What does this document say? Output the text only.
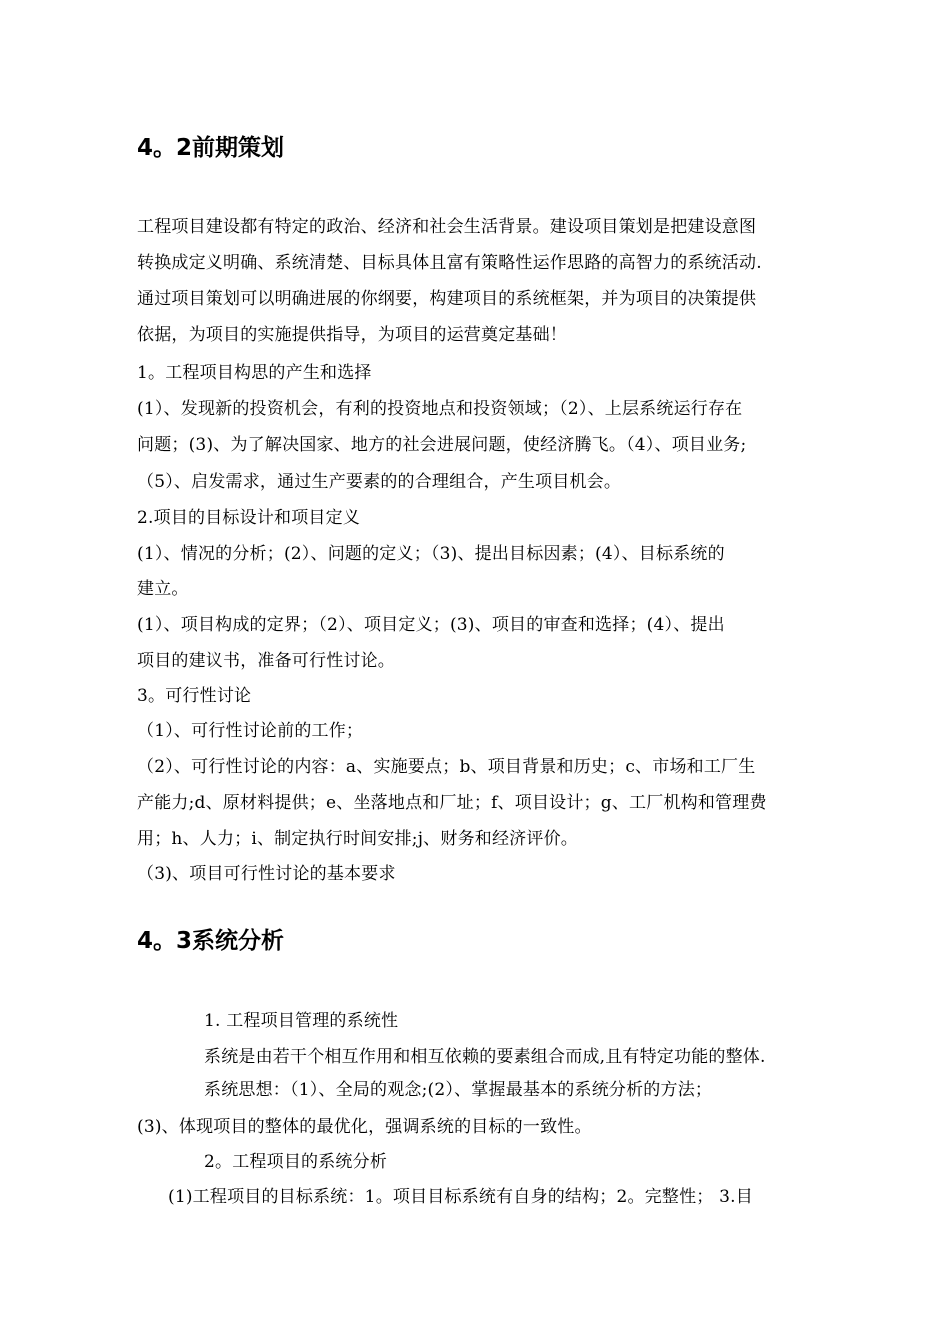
4。2前期策划
工程项目建设都有特定的政治、经济和社会生活背景。建设项目策划是把建设意图
转换成定义明确、系统清楚、目标具体且富有策略性运作思路的高智力的系统活动.
通过项目策划可以明确进展的你纲要，构建项目的系统框架，并为项目的决策提供
依据，为项目的实施提供指导，为项目的运营奠定基础！
1。工程项目构思的产生和选择
(1）、发现新的投资机会，有利的投资地点和投资领域；（2）、上层系统运行存在
问题；(3)、为了解决国家、地方的社会进展问题，使经济腾飞。（4）、项目业务;
（5）、启发需求，通过生产要素的的合理组合，产生项目机会。
2.项目的目标设计和项目定义
(1）、情况的分析；(2）、问题的定义；（3)、提出目标因素；(4）、目标系统的
建立。
(1）、项目构成的定界；（2）、项目定义；(3)、项目的审查和选择；(4）、提出
项目的建议书，准备可行性讨论。
3。可行性讨论
（1）、可行性讨论前的工作；
（2）、可行性讨论的内容：a、实施要点；b、项目背景和历史；c、市场和工厂生
产能力;d、原材料提供；e、坐落地点和厂址；f、项目设计；g、工厂机构和管理费
用；h、人力；i、制定执行时间安排;j、财务和经济评价。
（3)、项目可行性讨论的基本要求
4。3系统分析
1. 工程项目管理的系统性
系统是由若干个相互作用和相互依赖的要素组合而成,且有特定功能的整体.
系统思想：（1）、全局的观念;(2）、掌握最基本的系统分析的方法；
(3)、体现项目的整体的最优化，强调系统的目标的一致性。
2。工程项目的系统分析
(1)工程项目的目标系统：1。项目目标系统有自身的结构；2。完整性； 3.目
